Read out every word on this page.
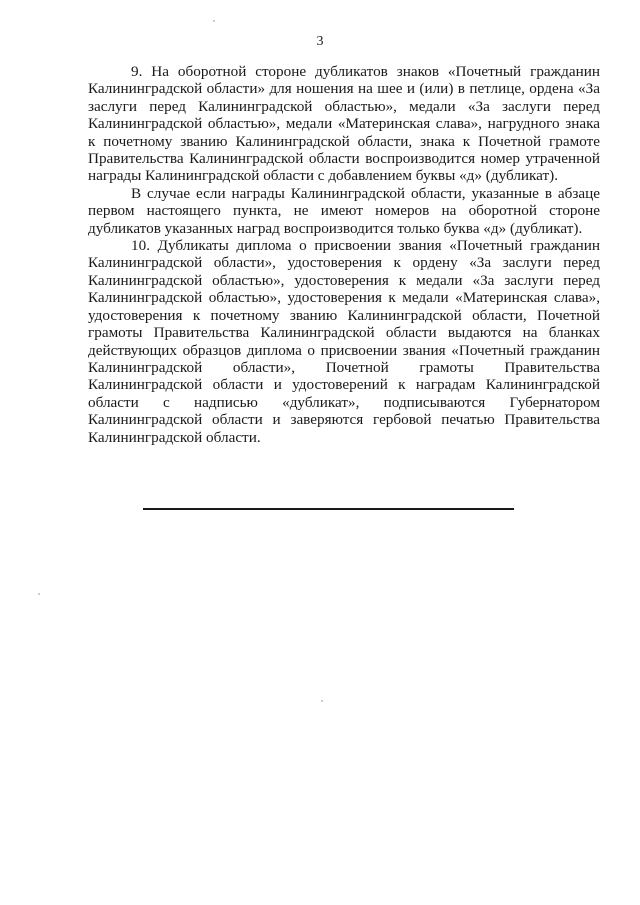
3

9. На оборотной стороне дубликатов знаков «Почетный гражданин Калининградской области» для ношения на шее и (или) в петлице, ордена «За заслуги перед Калининградской областью», медали «За заслуги перед Калининградской областью», медали «Материнская слава», нагрудного знака к почетному званию Калининградской области, знака к Почетной грамоте Правительства Калининградской области воспроизводится номер утраченной награды Калининградской области с добавлением буквы «д» (дубликат).

В случае если награды Калининградской области, указанные в абзаце первом настоящего пункта, не имеют номеров на оборотной стороне дубликатов указанных наград воспроизводится только буква «д» (дубликат).

10. Дубликаты диплома о присвоении звания «Почетный гражданин Калининградской области», удостоверения к ордену «За заслуги перед Калининградской областью», удостоверения к медали «За заслуги перед Калининградской областью», удостоверения к медали «Материнская слава», удостоверения к почетному званию Калининградской области, Почетной грамоты Правительства Калининградской области выдаются на бланках действующих образцов диплома о присвоении звания «Почетный гражданин Калининградской области», Почетной грамоты Правительства Калининградской области и удостоверений к наградам Калининградской области с надписью «дубликат», подписываются Губернатором Калининградской области и заверяются гербовой печатью Правительства Калининградской области.
